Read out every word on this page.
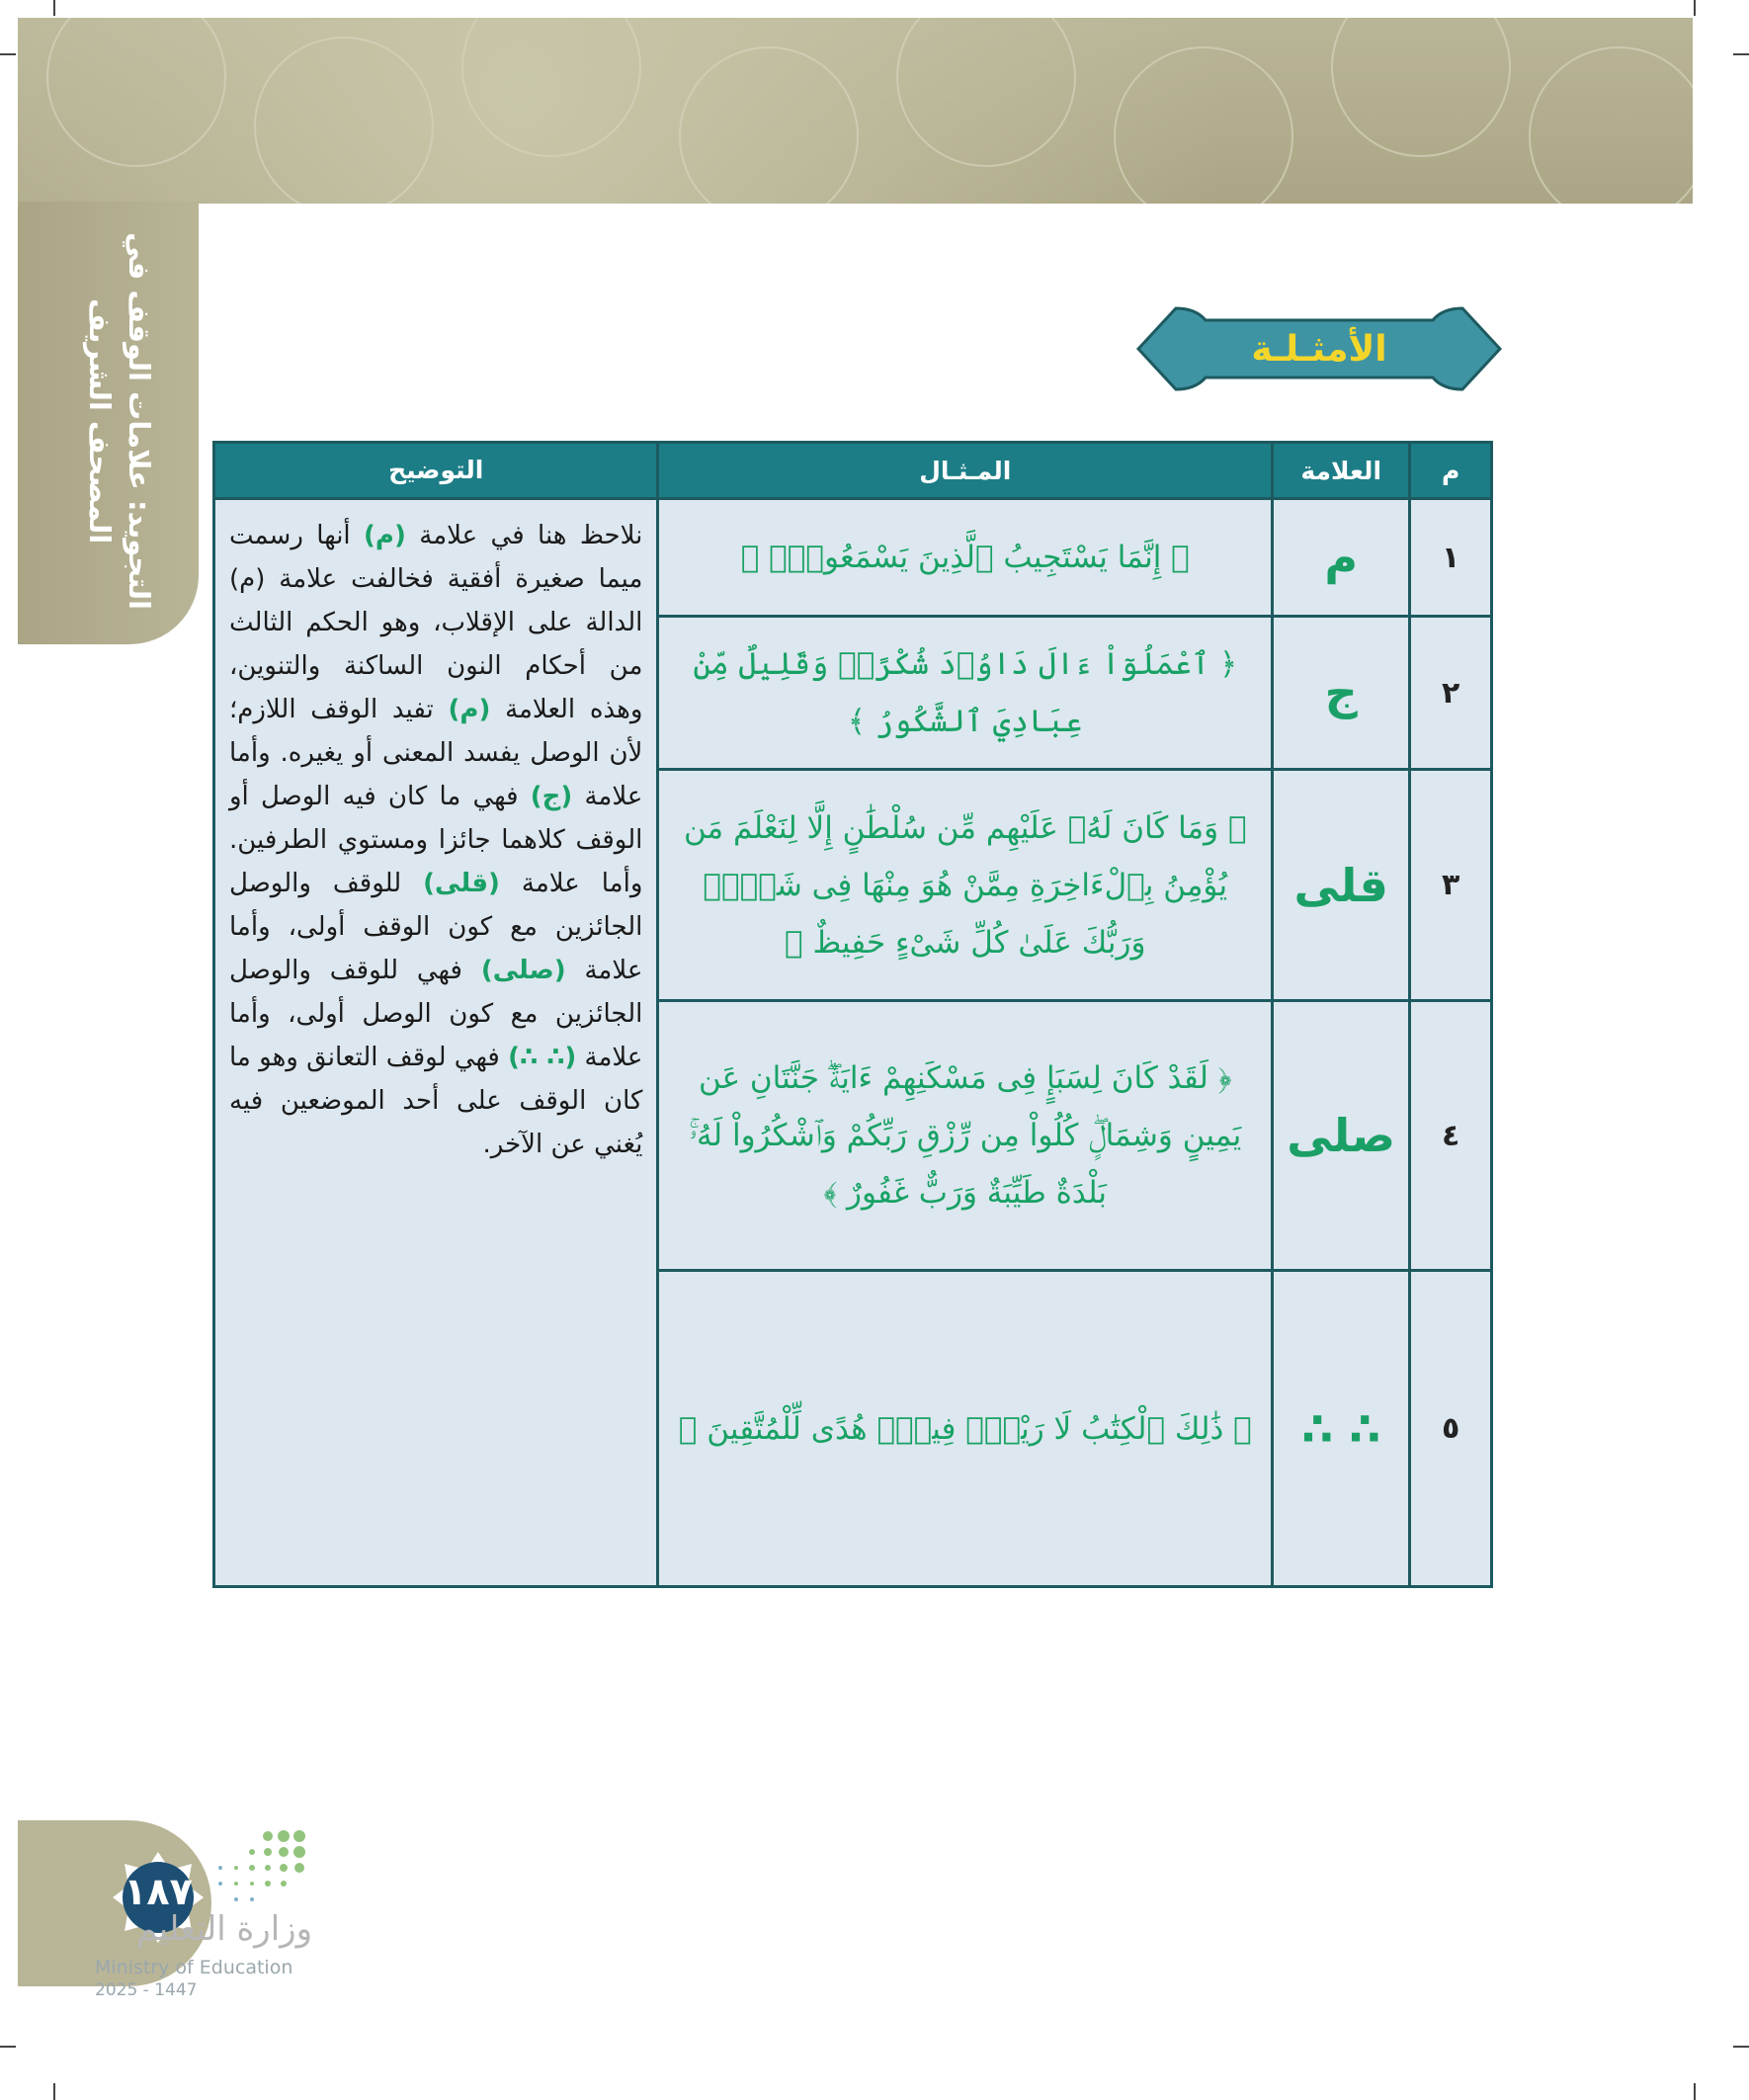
التجويد: علامات الوقف في
المصحف الشريف	الأمثـلـة
م	العلامة	المـثـال	التوضيح
١	م	﴿ إِنَّمَا يَسْتَجِيبُ ٱلَّذِينَ يَسْمَعُونَۘ ﴾	نلاحظ هنا في علامة (م) أنها رسمت ميما صغيرة أفقية فخالفت علامة (م) الدالة على الإقلاب، وهو الحكم الثالث من أحكام النون الساكنة والتنوين، وهذه العلامة (م) تفيد الوقف اللازم؛ لأن الوصل يفسد المعنى أو يغيره. وأما علامة (ج) فهي ما كان فيه الوصل أو الوقف كلاهما جائزا ومستوي الطرفين. وأما علامة (قلى) للوقف والوصل الجائزين مع كون الوقف أولى، وأما علامة (صلى) فهي للوقف والوصل الجائزين مع كون الوصل أولى، وأما علامة (∴ ∴) فهي لوقف التعانق وهو ما كان الوقف على أحد الموضعين فيه يُغني عن الآخر.
٢	ج	﴿ ٱعْمَلُوٓاْ ءَالَ دَاوُۥدَ شُكْرًاۚ وَقَلِيلٌ مِّنْ عِبَادِيَ ٱلشَّكُورُ ﴾	
٣	قلى	﴿ وَمَا كَانَ لَهُۥ عَلَيْهِم مِّن سُلْطَٰنٍ إِلَّا لِنَعْلَمَ مَن يُؤْمِنُ بِٱلْءَاخِرَةِ مِمَّنْ هُوَ مِنْهَا فِى شَكٍّۗ وَرَبُّكَ عَلَىٰ كُلِّ شَىْءٍ حَفِيظٌ ﴾	
٤	صلى	﴿ لَقَدْ كَانَ لِسَبَإٍ فِى مَسْكَنِهِمْ ءَايَةٌۖ جَنَّتَانِ عَن يَمِينٍ وَشِمَالٍۖ كُلُواْ مِن رِّزْقِ رَبِّكُمْ وَٱشْكُرُواْ لَهُۥۚ بَلْدَةٌ طَيِّبَةٌ وَرَبٌّ غَفُورٌ ﴾	
٥	∴ ∴	﴿ ذَٰلِكَ ٱلْكِتَٰبُ لَا رَيْبَۛ فِيهِۛ هُدًى لِّلْمُتَّقِينَ ﴾	
١٨٧
وزارة التعليم
Ministry of Education
2025 - 1447
